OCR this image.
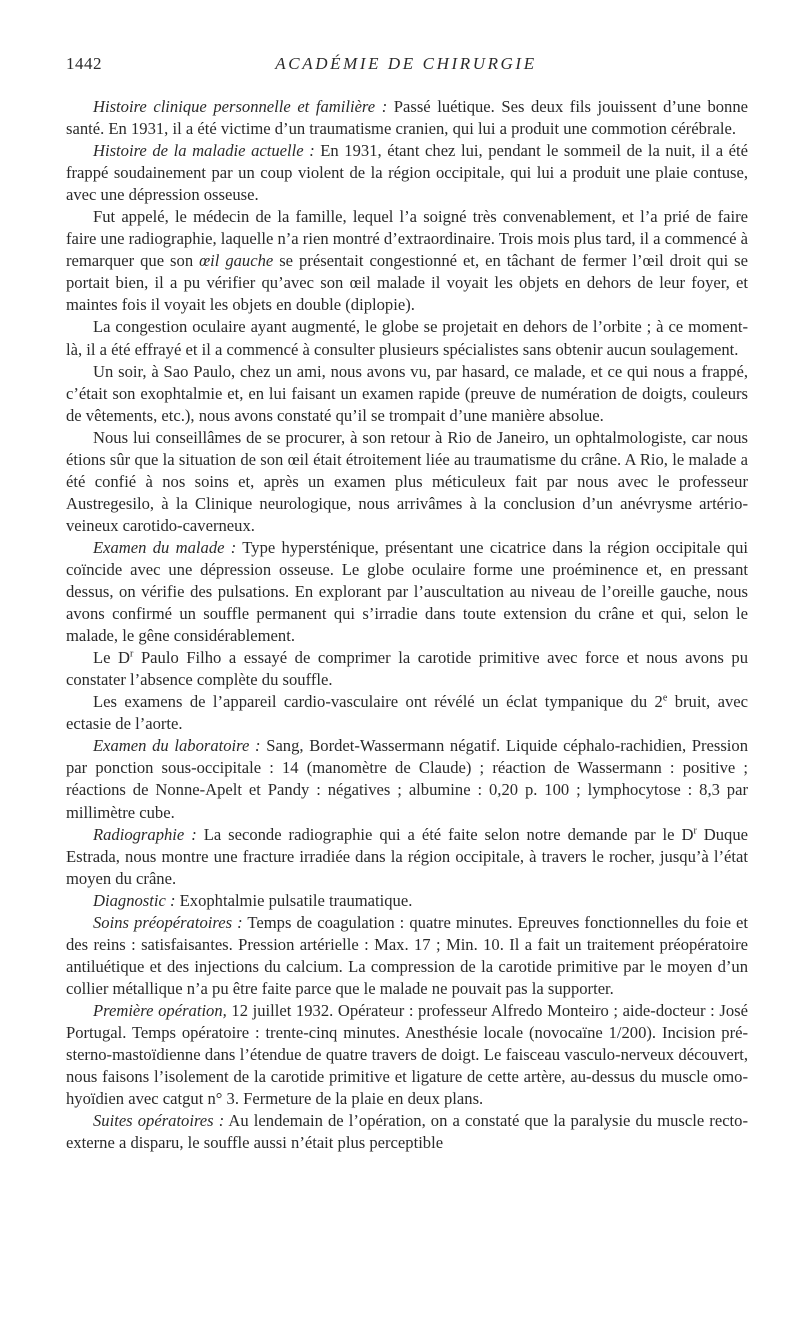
1442	ACADÉMIE DE CHIRURGIE

Histoire clinique personnelle et familière : Passé luétique. Ses deux fils jouissent d’une bonne santé. En 1931, il a été victime d’un traumatisme cranien, qui lui a produit une commotion cérébrale.

Histoire de la maladie actuelle : En 1931, étant chez lui, pendant le sommeil de la nuit, il a été frappé soudainement par un coup violent de la région occipitale, qui lui a produit une plaie contuse, avec une dépression osseuse.

Fut appelé, le médecin de la famille, lequel l’a soigné très convenablement, et l’a prié de faire faire une radiographie, laquelle n’a rien montré d’extraordinaire. Trois mois plus tard, il a commencé à remarquer que son œil gauche se présentait congestionné et, en tâchant de fermer l’œil droit qui se portait bien, il a pu vérifier qu’avec son œil malade il voyait les objets en dehors de leur foyer, et maintes fois il voyait les objets en double (diplopie).

La congestion oculaire ayant augmenté, le globe se projetait en dehors de l’orbite ; à ce moment-là, il a été effrayé et il a commencé à consulter plusieurs spécialistes sans obtenir aucun soulagement.

Un soir, à Sao Paulo, chez un ami, nous avons vu, par hasard, ce malade, et ce qui nous a frappé, c’était son exophtalmie et, en lui faisant un examen rapide (preuve de numération de doigts, couleurs de vêtements, etc.), nous avons constaté qu’il se trompait d’une manière absolue.

Nous lui conseillâmes de se procurer, à son retour à Rio de Janeiro, un ophtalmologiste, car nous étions sûr que la situation de son œil était étroitement liée au traumatisme du crâne. A Rio, le malade a été confié à nos soins et, après un examen plus méticuleux fait par nous avec le professeur Austregesilo, à la Clinique neurologique, nous arrivâmes à la conclusion d’un anévrysme artério-veineux carotido-caverneux.

Examen du malade : Type hypersténique, présentant une cicatrice dans la région occipitale qui coïncide avec une dépression osseuse. Le globe oculaire forme une proéminence et, en pressant dessus, on vérifie des pulsations. En explorant par l’auscultation au niveau de l’oreille gauche, nous avons confirmé un souffle permanent qui s’irradie dans toute extension du crâne et qui, selon le malade, le gêne considérablement.

Le $D^r$ Paulo Filho a essayé de comprimer la carotide primitive avec force et nous avons pu constater l’absence complète du souffle.

Les examens de l’appareil cardio-vasculaire ont révélé un éclat tympanique du 2e bruit, avec ectasie de l’aorte.

Examen du laboratoire : Sang, Bordet-Wassermann négatif. Liquide céphalo-rachidien, Pression par ponction sous-occipitale : 14 (manomètre de Claude) ; réaction de Wassermann : positive ; réactions de Nonne-Apelt et Pandy : négatives ; albumine : 0,20 p. 100 ; lymphocytose : 8,3 par millimètre cube.

Radiographie : La seconde radiographie qui a été faite selon notre demande par le $D^r$ Duque Estrada, nous montre une fracture irradiée dans la région occipitale, à travers le rocher, jusqu’à l’état moyen du crâne.

Diagnostic : Exophtalmie pulsatile traumatique.

Soins préopératoires : Temps de coagulation : quatre minutes. Epreuves fonctionnelles du foie et des reins : satisfaisantes. Pression artérielle : Max. 17 ; Min. 10. Il a fait un traitement préopératoire antiluétique et des injections du calcium. La compression de la carotide primitive par le moyen d’un collier métallique n’a pu être faite parce que le malade ne pouvait pas la supporter.

Première opération, 12 juillet 1932. Opérateur : professeur Alfredo Monteiro ; aide-docteur : José Portugal. Temps opératoire : trente-cinq minutes. Anesthésie locale (novocaïne 1/200). Incision pré-sterno-mastoïdienne dans l’étendue de quatre travers de doigt. Le faisceau vasculo-nerveux découvert, nous faisons l’isolement de la carotide primitive et ligature de cette artère, au-dessus du muscle omo-hyoïdien avec catgut n° 3. Fermeture de la plaie en deux plans.

Suites opératoires : Au lendemain de l’opération, on a constaté que la paralysie du muscle recto-externe a disparu, le souffle aussi n’était plus perceptible
